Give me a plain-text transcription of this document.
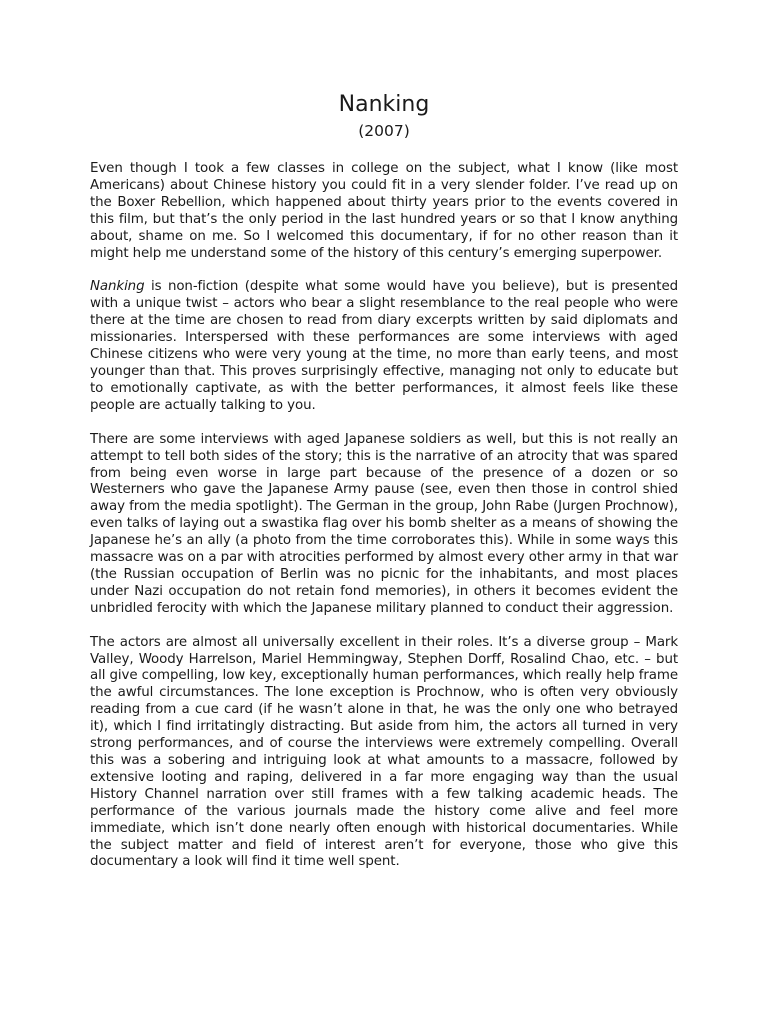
Nanking
(2007)

Even though I took a few classes in college on the subject, what I know (like most Americans) about Chinese history you could fit in a very slender folder. I’ve read up on the Boxer Rebellion, which happened about thirty years prior to the events covered in this film, but that’s the only period in the last hundred years or so that I know anything about, shame on me. So I welcomed this documentary, if for no other reason than it might help me understand some of the history of this century’s emerging superpower.

Nanking is non-fiction (despite what some would have you believe), but is presented with a unique twist – actors who bear a slight resemblance to the real people who were there at the time are chosen to read from diary excerpts written by said diplomats and missionaries. Interspersed with these performances are some interviews with aged Chinese citizens who were very young at the time, no more than early teens, and most younger than that. This proves surprisingly effective, managing not only to educate but to emotionally captivate, as with the better performances, it almost feels like these people are actually talking to you.

There are some interviews with aged Japanese soldiers as well, but this is not really an attempt to tell both sides of the story; this is the narrative of an atrocity that was spared from being even worse in large part because of the presence of a dozen or so Westerners who gave the Japanese Army pause (see, even then those in control shied away from the media spotlight). The German in the group, John Rabe (Jurgen Prochnow), even talks of laying out a swastika flag over his bomb shelter as a means of showing the Japanese he’s an ally (a photo from the time corroborates this). While in some ways this massacre was on a par with atrocities performed by almost every other army in that war (the Russian occupation of Berlin was no picnic for the inhabitants, and most places under Nazi occupation do not retain fond memories), in others it becomes evident the unbridled ferocity with which the Japanese military planned to conduct their aggression.

The actors are almost all universally excellent in their roles. It’s a diverse group – Mark Valley, Woody Harrelson, Mariel Hemmingway, Stephen Dorff, Rosalind Chao, etc. – but all give compelling, low key, exceptionally human performances, which really help frame the awful circumstances. The lone exception is Prochnow, who is often very obviously reading from a cue card (if he wasn’t alone in that, he was the only one who betrayed it), which I find irritatingly distracting. But aside from him, the actors all turned in very strong performances, and of course the interviews were extremely compelling. Overall this was a sobering and intriguing look at what amounts to a massacre, followed by extensive looting and raping, delivered in a far more engaging way than the usual History Channel narration over still frames with a few talking academic heads. The performance of the various journals made the history come alive and feel more immediate, which isn’t done nearly often enough with historical documentaries. While the subject matter and field of interest aren’t for everyone, those who give this documentary a look will find it time well spent.
